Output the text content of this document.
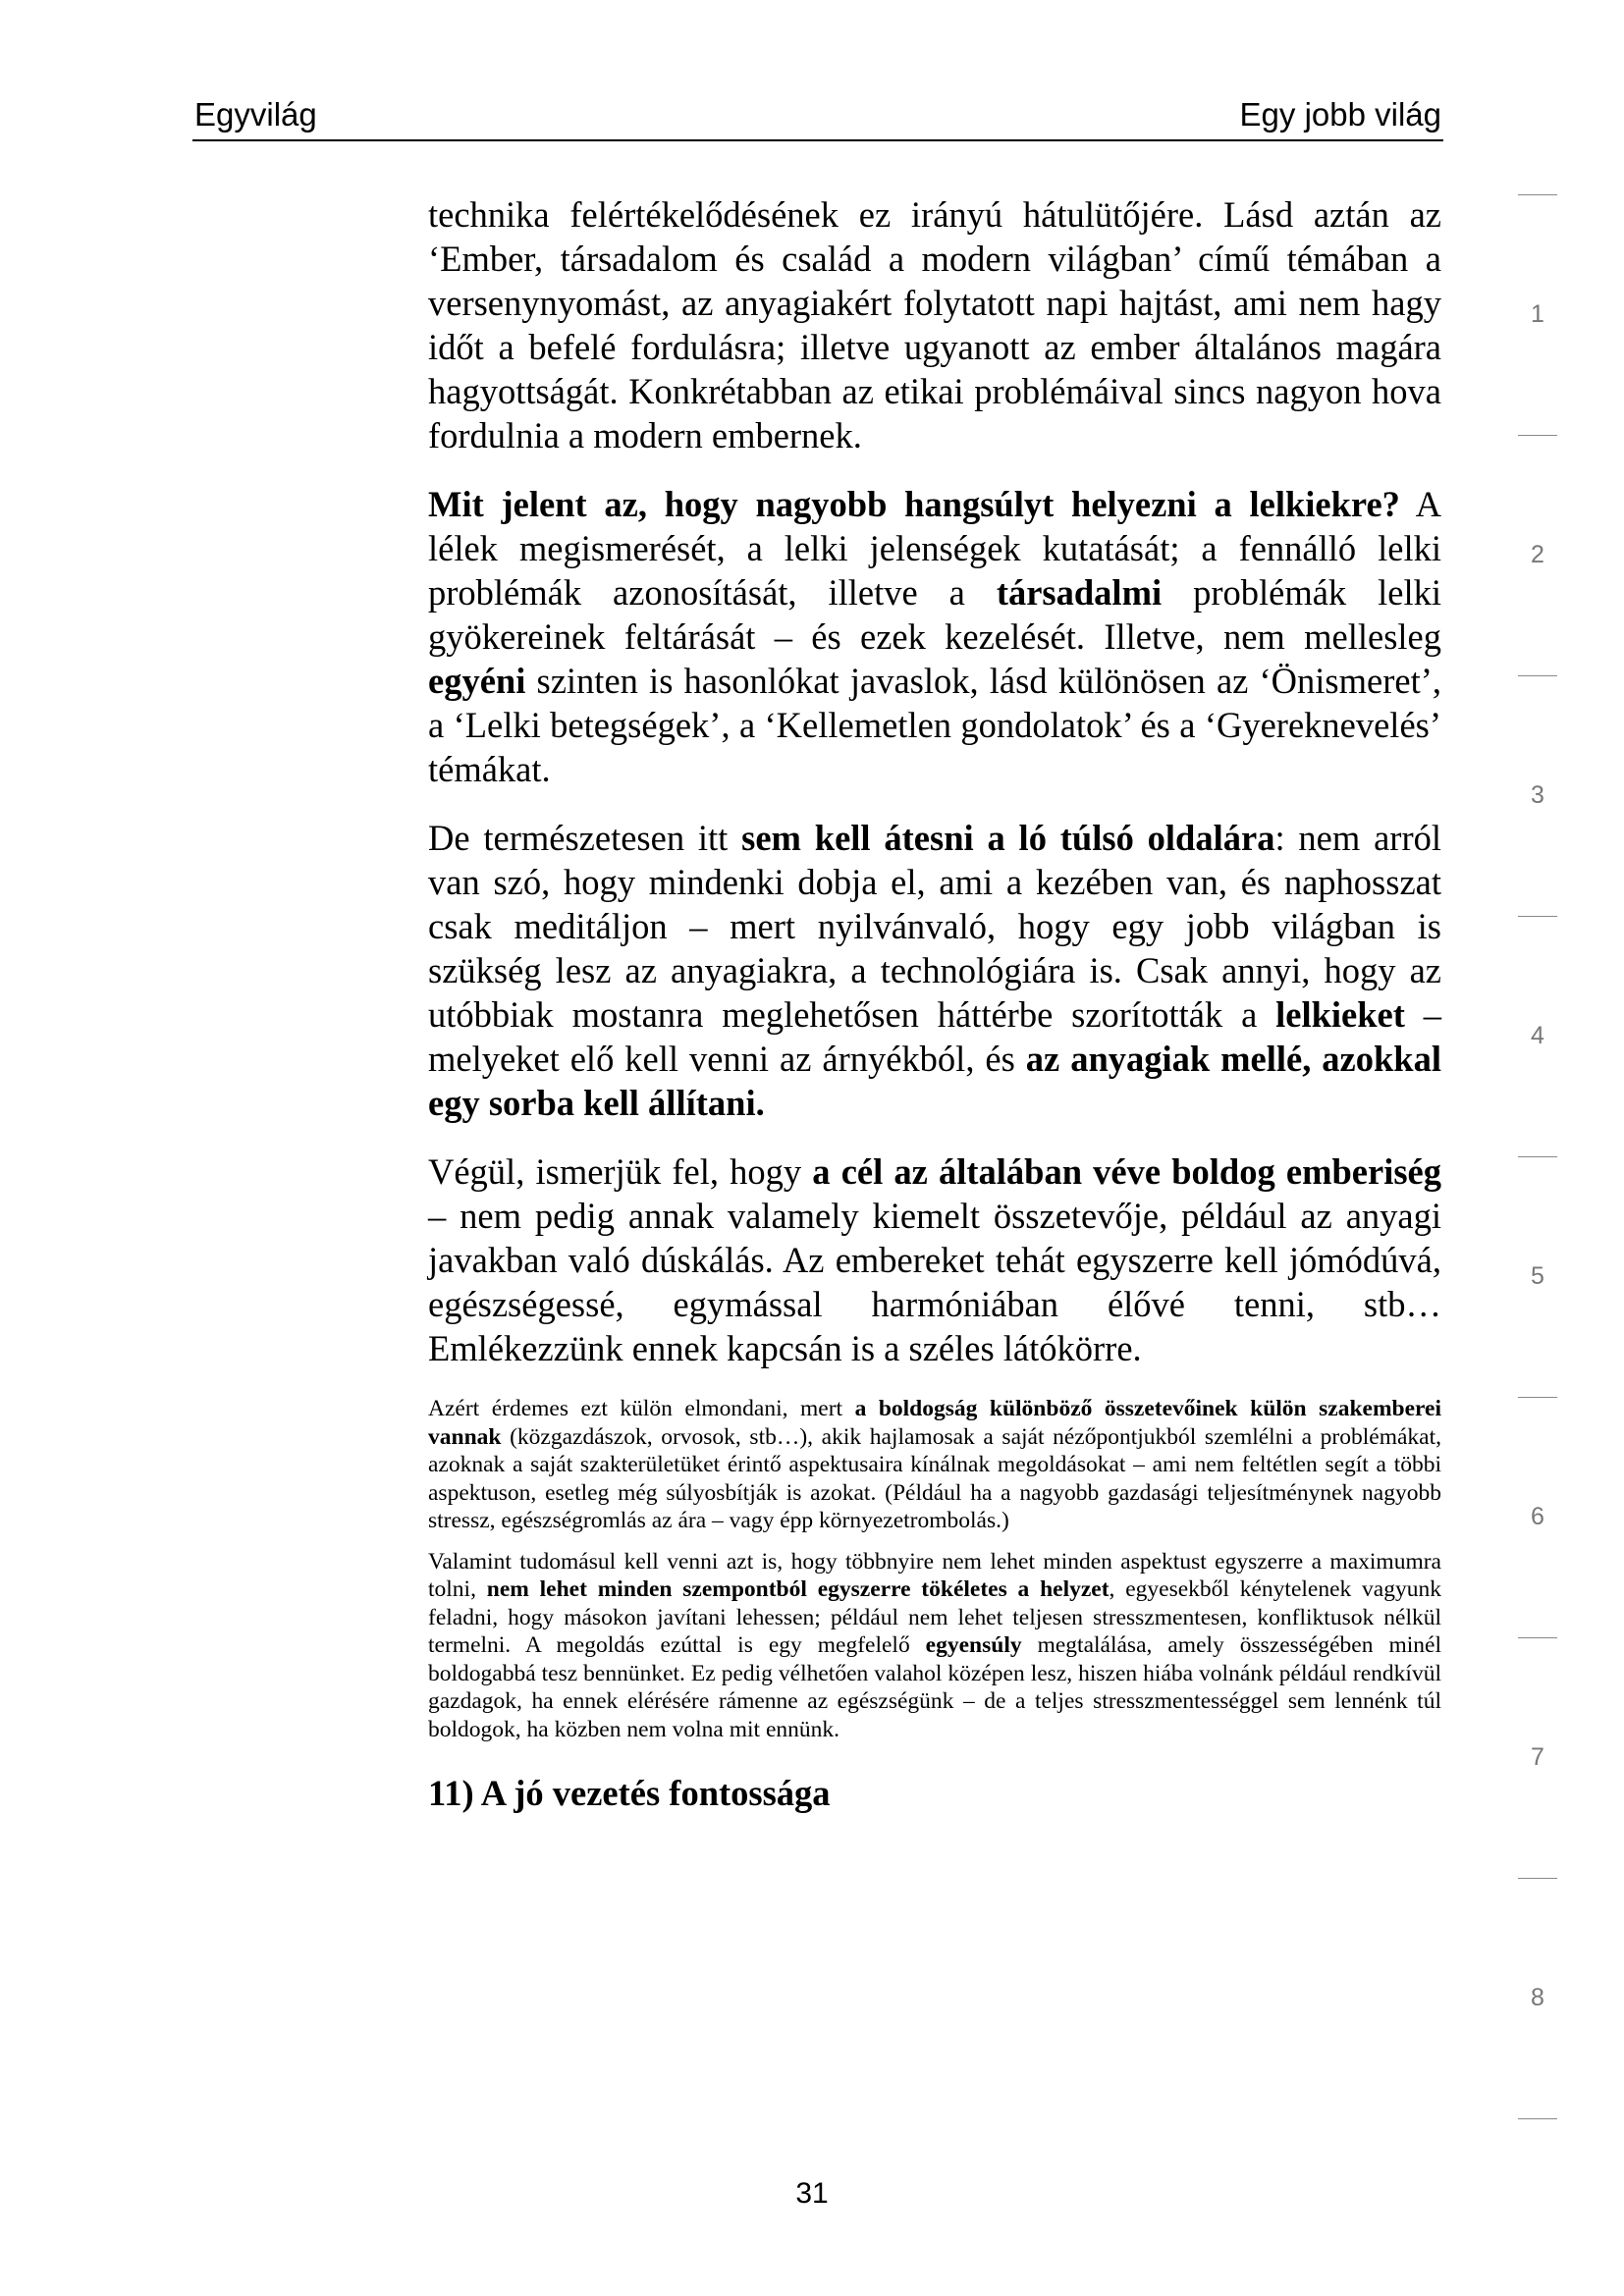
Egyvilág	Egy jobb világ

technika felértékelődésének ez irányú hátulütőjére. Lásd aztán az ‘Ember, társadalom és család a modern világban’ című témában a versenynyomást, az anyagiakért folytatott napi hajtást, ami nem hagy időt a befelé fordulásra; illetve ugyanott az ember általános magára hagyottságát. Konkrétabban az etikai problémáival sincs nagyon hova fordulnia a modern embernek.

Mit jelent az, hogy nagyobb hangsúlyt helyezni a lelkiekre? A lélek megismerését, a lelki jelenségek kutatását; a fennálló lelki problémák azonosítását, illetve a társadalmi problémák lelki gyökereinek feltárását – és ezek kezelését. Illetve, nem mellesleg egyéni szinten is hasonlókat javaslok, lásd különösen az ‘Önismeret’, a ‘Lelki betegségek’, a ‘Kellemetlen gondolatok’ és a ‘Gyereknevelés’ témákat.

De természetesen itt sem kell átesni a ló túlsó oldalára: nem arról van szó, hogy mindenki dobja el, ami a kezében van, és naphosszat csak meditáljon – mert nyilvánvaló, hogy egy jobb világban is szükség lesz az anyagiakra, a technológiára is. Csak annyi, hogy az utóbbiak mostanra meglehetősen háttérbe szorították a lelkieket – melyeket elő kell venni az árnyékból, és az anyagiak mellé, azokkal egy sorba kell állítani.

Végül, ismerjük fel, hogy a cél az általában véve boldog emberiség – nem pedig annak valamely kiemelt összetevője, például az anyagi javakban való dúskálás. Az embereket tehát egyszerre kell jómódúvá, egészségessé, egymással harmóniában élővé tenni, stb… Emlékezzünk ennek kapcsán is a széles látókörre.

Azért érdemes ezt külön elmondani, mert a boldogság különböző összetevőinek külön szakemberei vannak (közgazdászok, orvosok, stb…), akik hajlamosak a saját nézőpontjukból szemlélni a problémákat, azoknak a saját szakterületüket érintő aspektusaira kínálnak megoldásokat – ami nem feltétlen segít a többi aspektuson, esetleg még súlyosbítják is azokat. (Például ha a nagyobb gazdasági teljesítménynek nagyobb stressz, egészségromlás az ára – vagy épp környezetrombolás.)

Valamint tudomásul kell venni azt is, hogy többnyire nem lehet minden aspektust egyszerre a maximumra tolni, nem lehet minden szempontból egyszerre tökéletes a helyzet, egyesekből kénytelenek vagyunk feladni, hogy másokon javítani lehessen; például nem lehet teljesen stresszmentesen, konfliktusok nélkül termelni. A megoldás ezúttal is egy megfelelő egyensúly megtalálása, amely összességében minél boldogabbá tesz bennünket. Ez pedig vélhetően valahol középen lesz, hiszen hiába volnánk például rendkívül gazdagok, ha ennek elérésére rámenne az egészségünk – de a teljes stresszmentességgel sem lennénk túl boldogok, ha közben nem volna mit ennünk.

11) A jó vezetés fontossága
1
2
3
4
5
6
7
8
31
